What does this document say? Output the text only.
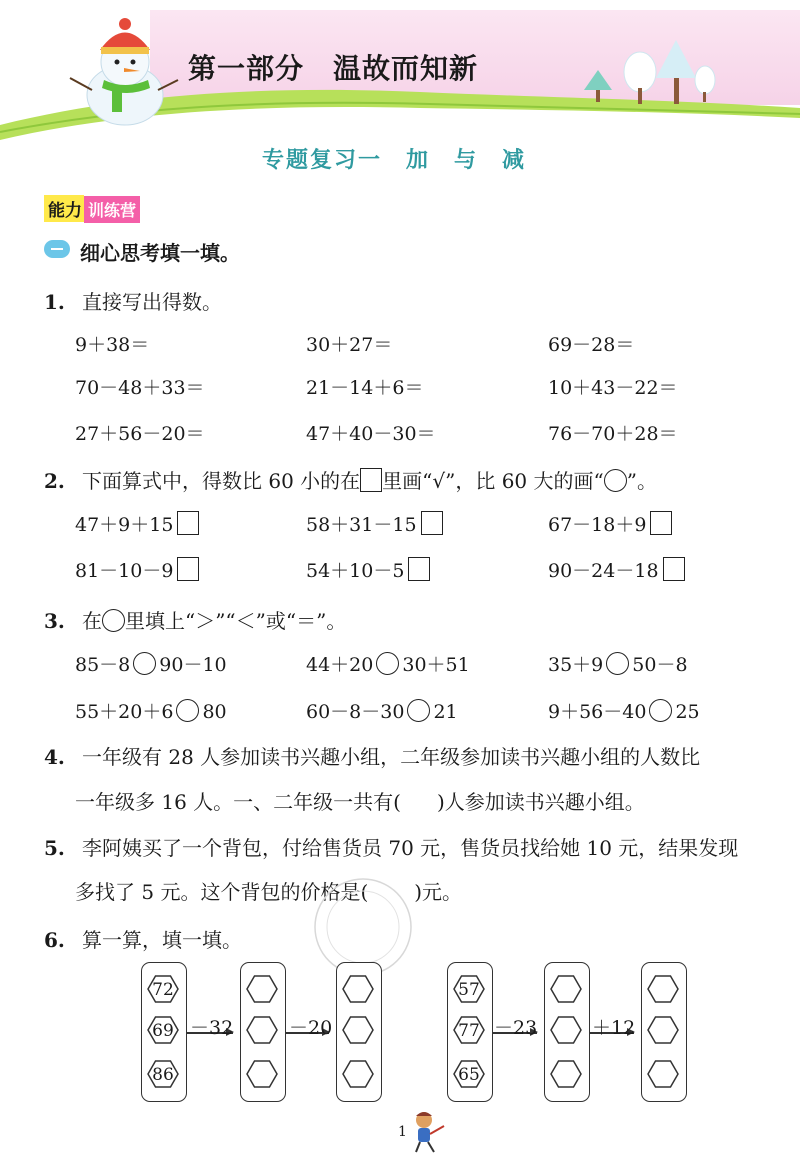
第一部分　温故而知新
专题复习一　加　与　减
能力 训练营
细心思考填一填。
1. 直接写出得数。
9＋38＝	30＋27＝	69－28＝
70－48＋33＝	21－14＋6＝	10＋43－22＝
27＋56－20＝	47＋40－30＝	76－70＋28＝
2. 下面算式中，得数比 60 小的在 里画“√”，比 60 大的画“ ”。
47＋9＋15	58＋31－15	67－18＋9
81－10－9	54＋10－5	90－24－18
3. 在 里填上“＞”“＜”或“＝”。
85－8 90－10	44＋20 30＋51	35＋9 50－8
55＋20＋6 80	60－8－30 21	9＋56－40 25
4. 一年级有 28 人参加读书兴趣小组，二年级参加读书兴趣小组的人数比
一年级多 16 人。一、二年级一共有( )人参加读书兴趣小组。
5. 李阿姨买了一个背包，付给售货员 70 元，售货员找给她 10 元，结果发现
多找了 5 元。这个背包的价格是( )元。
6. 算一算，填一填。
－32	－20	－23	＋12
72
69
86
57
77
65
1
